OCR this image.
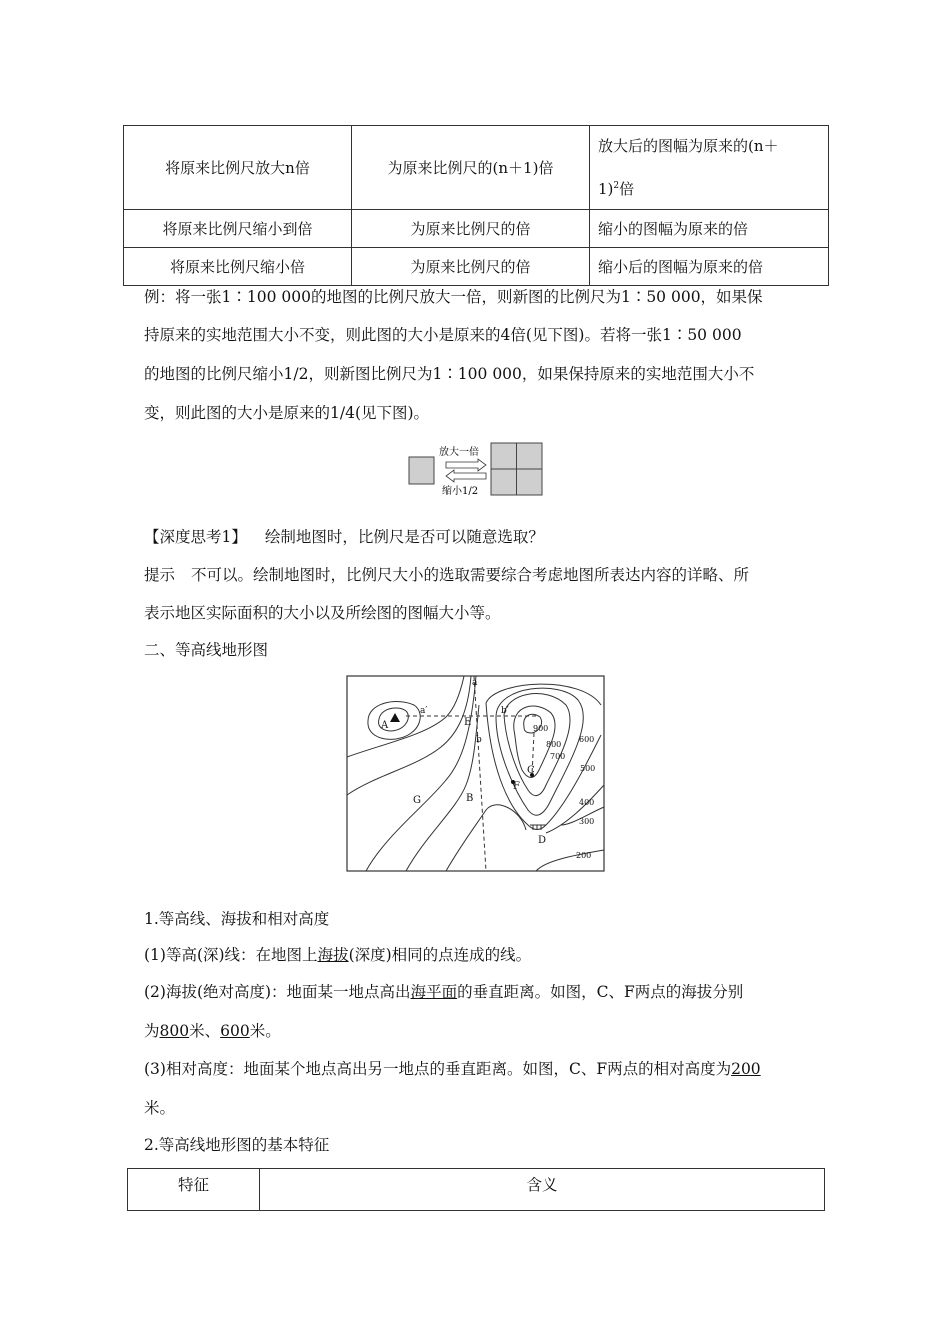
将原来比例尺放大n倍	为原来比例尺的(n＋1)倍	放大后的图幅为原来的(n＋
1)$^2$倍
将原来比例尺缩小到倍	为原来比例尺的倍	缩小的图幅为原来的倍
将原来比例尺缩小倍	为原来比例尺的倍	缩小后的图幅为原来的倍
例：将一张1∶100 000的地图的比例尺放大一倍，则新图的比例尺为1∶50 000，如果保
持原来的实地范围大小不变，则此图的大小是原来的4倍(见下图)。若将一张1∶50 000
的地图的比例尺缩小1/2，则新图比例尺为1∶100 000，如果保持原来的实地范围大小不
变，则此图的大小是原来的1/4(见下图)。
放大一倍
缩小1/2
【深度思考1】 绘制地图时，比例尺是否可以随意选取？
提示 不可以。绘制地图时，比例尺大小的选取需要综合考虑地图所表达内容的详略、所
表示地区实际面积的大小以及所绘图的图幅大小等。
二、等高线地形图
A
a′
a
E
b′
b
C
F
B
G
D
900
800
700
600
500
400
300
200
1.等高线、海拔和相对高度
(1)等高(深)线：在地图上海拔(深度)相同的点连成的线。
(2)海拔(绝对高度)：地面某一地点高出海平面的垂直距离。如图，C、F两点的海拔分别
为800米、600米。
(3)相对高度：地面某个地点高出另一地点的垂直距离。如图，C、F两点的相对高度为200
米。
2.等高线地形图的基本特征
特征	含义
